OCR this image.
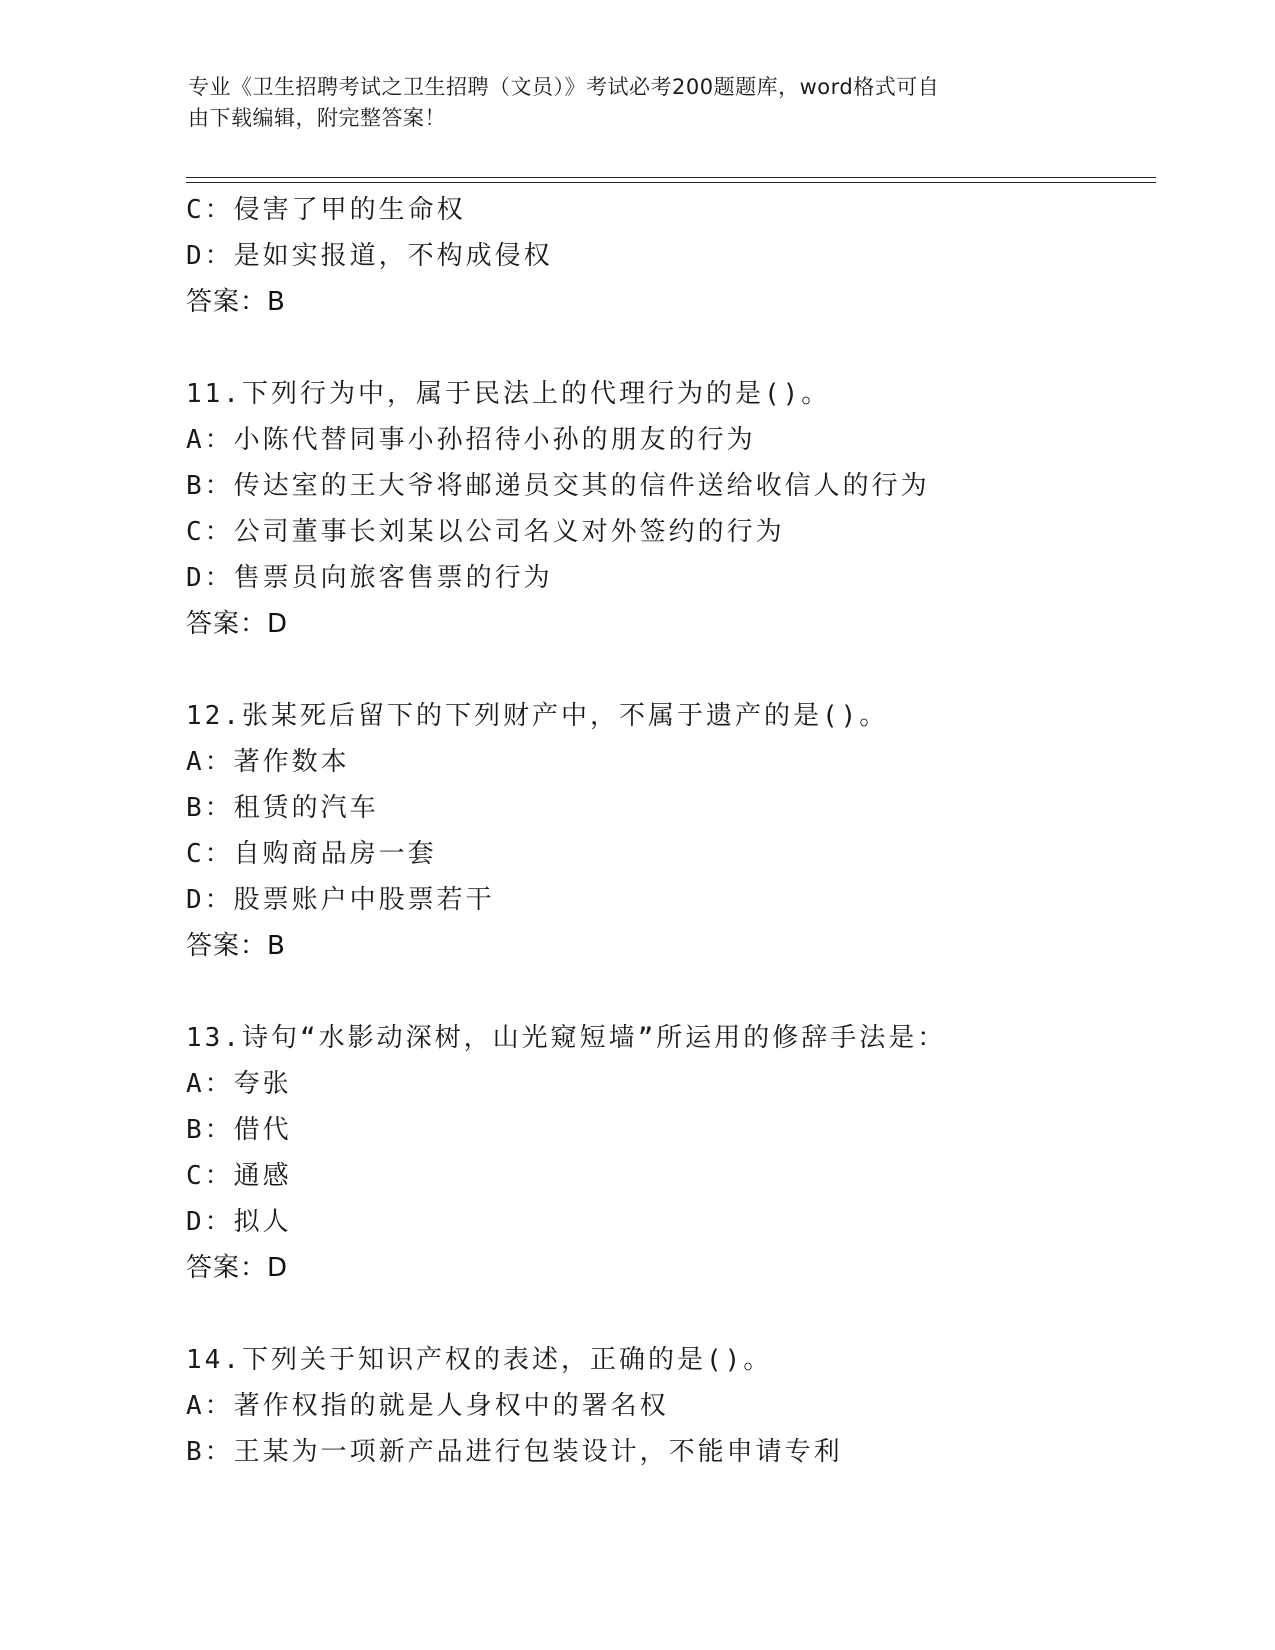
专业《卫生招聘考试之卫生招聘（文员）》考试必考200题题库，word格式可自
由下载编辑，附完整答案！
C：侵害了甲的生命权
D：是如实报道，不构成侵权
答案：B
11.下列行为中，属于民法上的代理行为的是()。
A：小陈代替同事小孙招待小孙的朋友的行为
B：传达室的王大爷将邮递员交其的信件送给收信人的行为
C：公司董事长刘某以公司名义对外签约的行为
D：售票员向旅客售票的行为
答案：D
12.张某死后留下的下列财产中，不属于遗产的是()。
A：著作数本
B：租赁的汽车
C：自购商品房一套
D：股票账户中股票若干
答案：B
13.诗句“水影动深树，山光窥短墙”所运用的修辞手法是：
A：夸张
B：借代
C：通感
D：拟人
答案：D
14.下列关于知识产权的表述，正确的是()。
A：著作权指的就是人身权中的署名权
B：王某为一项新产品进行包装设计，不能申请专利
